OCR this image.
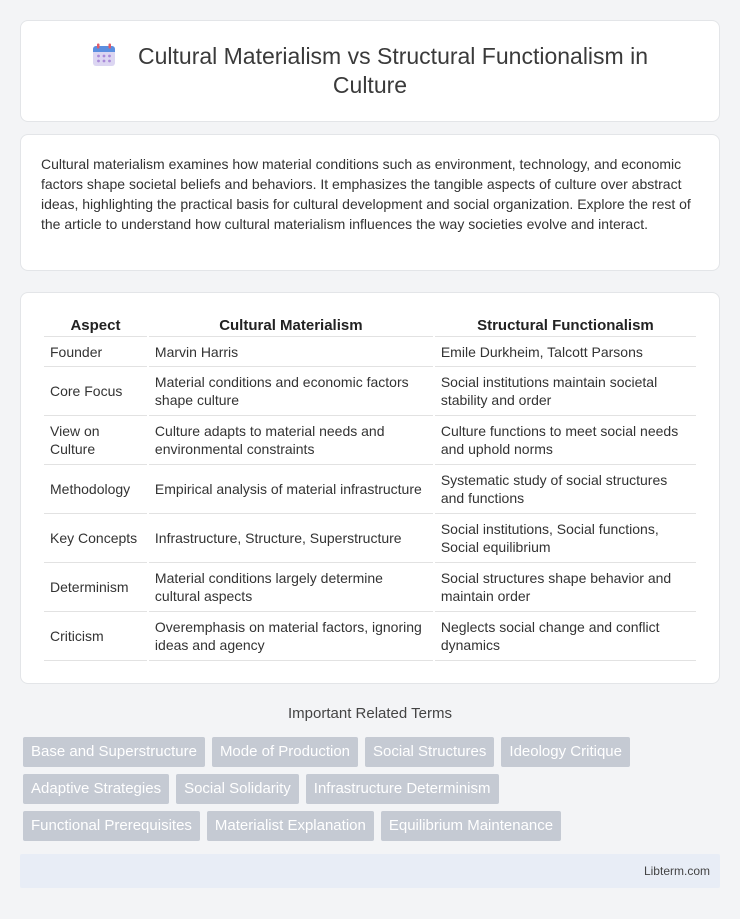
Cultural Materialism vs Structural Functionalism in Culture

Cultural materialism examines how material conditions such as environment, technology, and economic factors shape societal beliefs and behaviors. It emphasizes the tangible aspects of culture over abstract ideas, highlighting the practical basis for cultural development and social organization. Explore the rest of the article to understand how cultural materialism influences the way societies evolve and interact.

Aspect	Cultural Materialism	Structural Functionalism
Founder	Marvin Harris	Emile Durkheim, Talcott Parsons
Core Focus	Material conditions and economic factors shape culture	Social institutions maintain societal stability and order
View on Culture	Culture adapts to material needs and environmental constraints	Culture functions to meet social needs and uphold norms
Methodology	Empirical analysis of material infrastructure	Systematic study of social structures and functions
Key Concepts	Infrastructure, Structure, Superstructure	Social institutions, Social functions, Social equilibrium
Determinism	Material conditions largely determine cultural aspects	Social structures shape behavior and maintain order
Criticism	Overemphasis on material factors, ignoring ideas and agency	Neglects social change and conflict dynamics
Important Related Terms
Base and Superstructure	Mode of Production	Social Structures	Ideology Critique
Adaptive Strategies	Social Solidarity	Infrastructure Determinism
Functional Prerequisites	Materialist Explanation	Equilibrium Maintenance
Libterm.com
